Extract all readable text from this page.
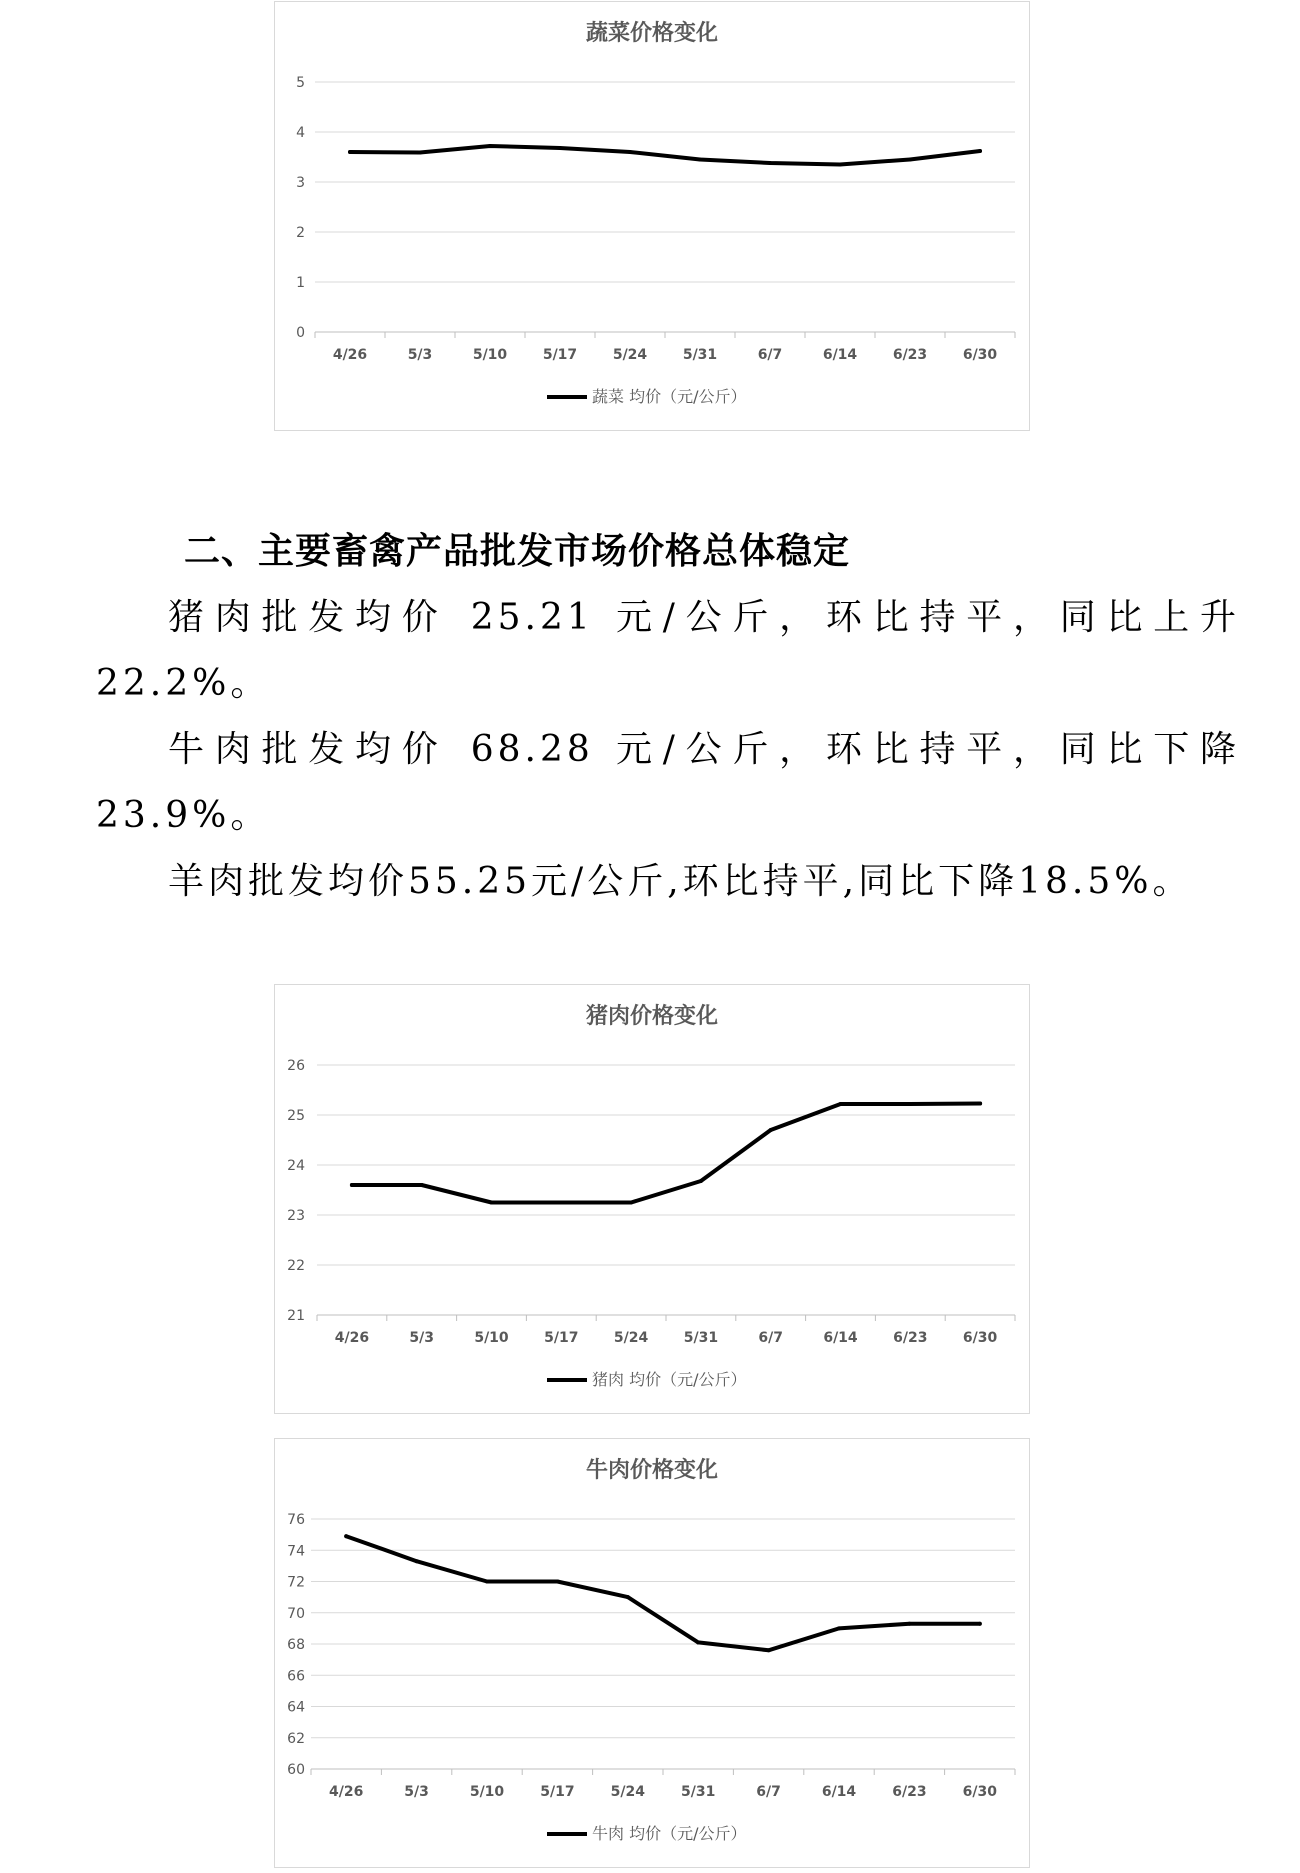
蔬菜价格变化
0
1
2
3
4
5
4/26	5/3	5/10	5/17	5/24	5/31	6/7	6/14	6/23	6/30
蔬菜 均价（元/公斤）
二、主要畜禽产品批发市场价格总体稳定

猪肉批发均价 25.21 元/公斤，环比持平，同比上升 22.2%。

牛肉批发均价 68.28 元/公斤，环比持平，同比下降 23.9%。

羊肉批发均价55.25元/公斤,环比持平,同比下降18.5%。

猪肉价格变化
21
22
23
24
25
26
4/26	5/3	5/10	5/17	5/24	5/31	6/7	6/14	6/23	6/30
猪肉 均价（元/公斤）
牛肉价格变化
60
62
64
66
68
70
72
74
76
4/26	5/3	5/10	5/17	5/24	5/31	6/7	6/14	6/23	6/30
牛肉 均价（元/公斤）
